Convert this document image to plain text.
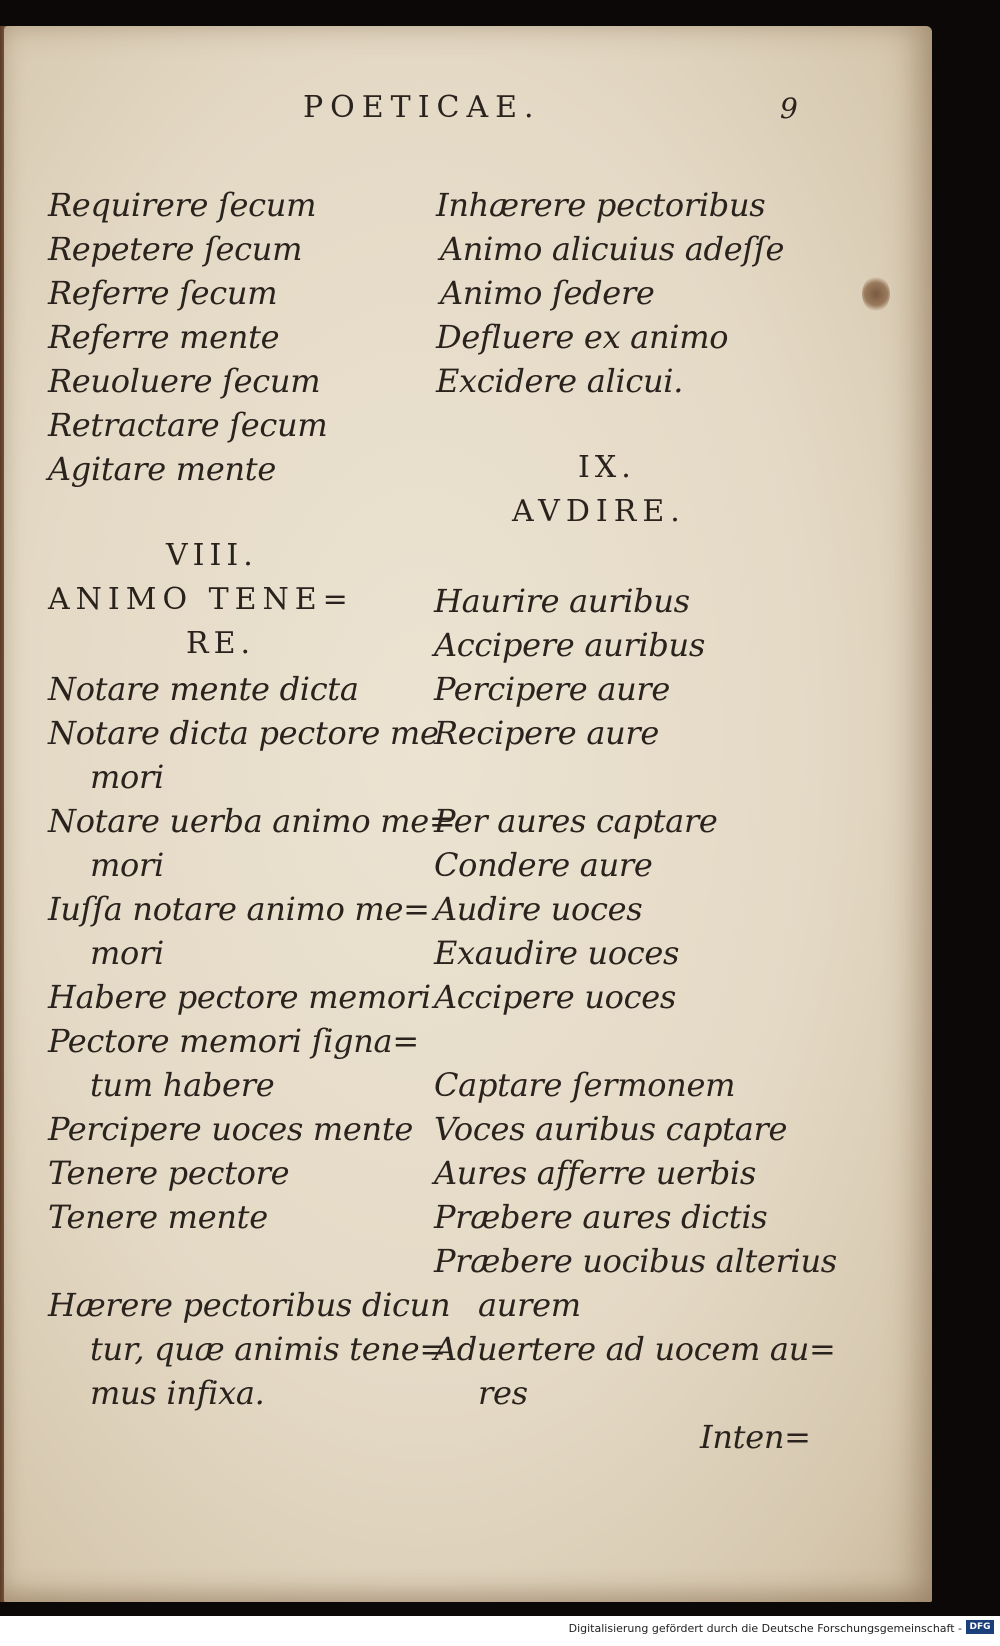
POETICAE.	9
Requirere ſecum
Repetere ſecum
Referre ſecum
Referre mente
Reuoluere ſecum
Retractare ſecum
Agitare mente
VIII.
ANIMO TENE=
RE.
Notare mente dicta
Notare dicta pectore me
mori
Notare uerba animo me=
mori
Iuſſa notare animo me=
mori
Habere pectore memori
Pectore memori ſigna=
tum habere
Percipere uoces mente
Tenere pectore
Tenere mente
Hærere pectoribus dicun
tur, quæ animis tene=
mus infixa.
Inhærere pectoribus
Animo alicuius adeſſe
Animo ſedere
Defluere ex animo
Excidere alicui.
IX.
AVDIRE.
Haurire auribus
Accipere auribus
Percipere aure
Recipere aure
Per aures captare
Condere aure
Audire uoces
Exaudire uoces
Accipere uoces
Captare ſermonem
Voces auribus captare
Aures afferre uerbis
Præbere aures dictis
Præbere uocibus alterius
aurem
Aduertere ad uocem au=
res
Inten=
Digitalisierung gefördert durch die Deutsche Forschungsgemeinschaft - DFG
